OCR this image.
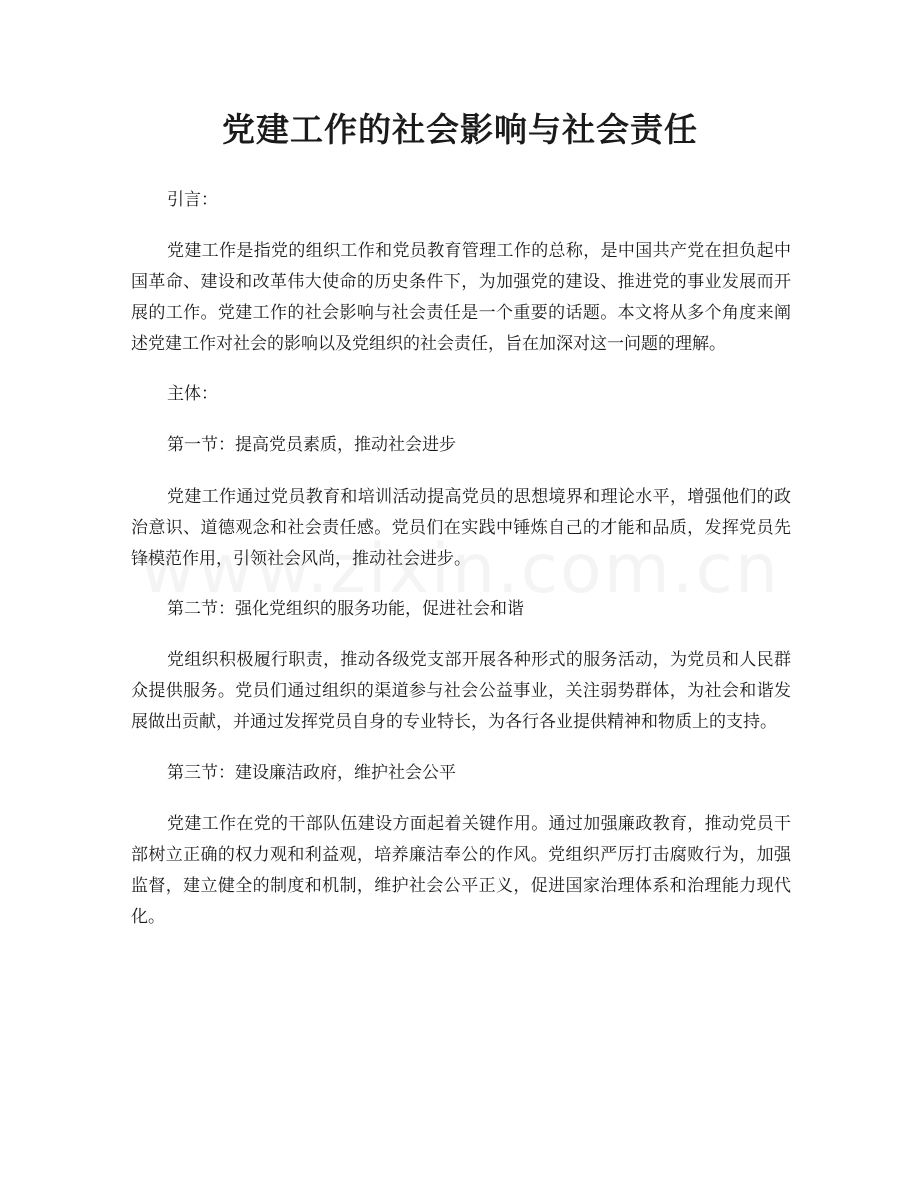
党建工作的社会影响与社会责任

引言：

党建工作是指党的组织工作和党员教育管理工作的总称，是中国共产党在担负起中国革命、建设和改革伟大使命的历史条件下，为加强党的建设、推进党的事业发展而开展的工作。党建工作的社会影响与社会责任是一个重要的话题。本文将从多个角度来阐述党建工作对社会的影响以及党组织的社会责任，旨在加深对这一问题的理解。

主体：

第一节：提高党员素质，推动社会进步

党建工作通过党员教育和培训活动提高党员的思想境界和理论水平，增强他们的政治意识、道德观念和社会责任感。党员们在实践中锤炼自己的才能和品质，发挥党员先锋模范作用，引领社会风尚，推动社会进步。

第二节：强化党组织的服务功能，促进社会和谐

党组织积极履行职责，推动各级党支部开展各种形式的服务活动，为党员和人民群众提供服务。党员们通过组织的渠道参与社会公益事业，关注弱势群体，为社会和谐发展做出贡献，并通过发挥党员自身的专业特长，为各行各业提供精神和物质上的支持。

第三节：建设廉洁政府，维护社会公平

党建工作在党的干部队伍建设方面起着关键作用。通过加强廉政教育，推动党员干部树立正确的权力观和利益观，培养廉洁奉公的作风。党组织严厉打击腐败行为，加强监督，建立健全的制度和机制，维护社会公平正义，促进国家治理体系和治理能力现代化。
